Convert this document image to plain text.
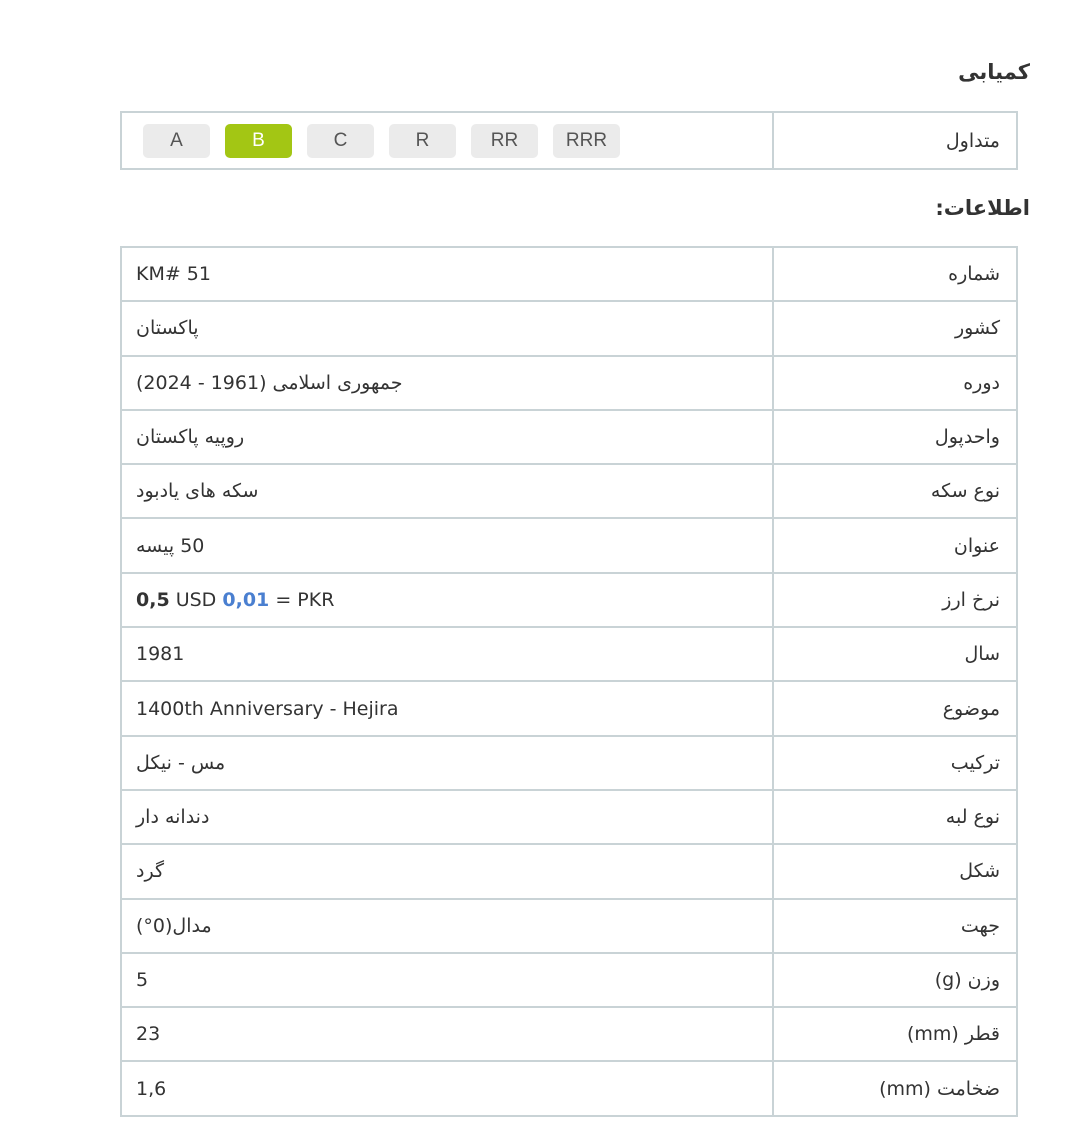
کمیابی
متداول	
A	B	C	R	RR	RRR
اطلاعات:
شماره	KM# 51
کشور	پاکستان
دوره	جمهوری اسلامی (1961 - 2024)
واحدپول	روپیه پاکستان
نوع سکه	سکه های یادبود
عنوان	50 پیسه
نرخ ارز	0,5 USD 0,01 = PKR
سال	1981
موضوع	1400th Anniversary - Hejira
ترکیب	مس - نیکل
نوع لبه	دندانه دار
شکل	گرد
جهت	مدال(0°)
وزن (g)	5
قطر (mm)	23
ضخامت (mm)	1,6
